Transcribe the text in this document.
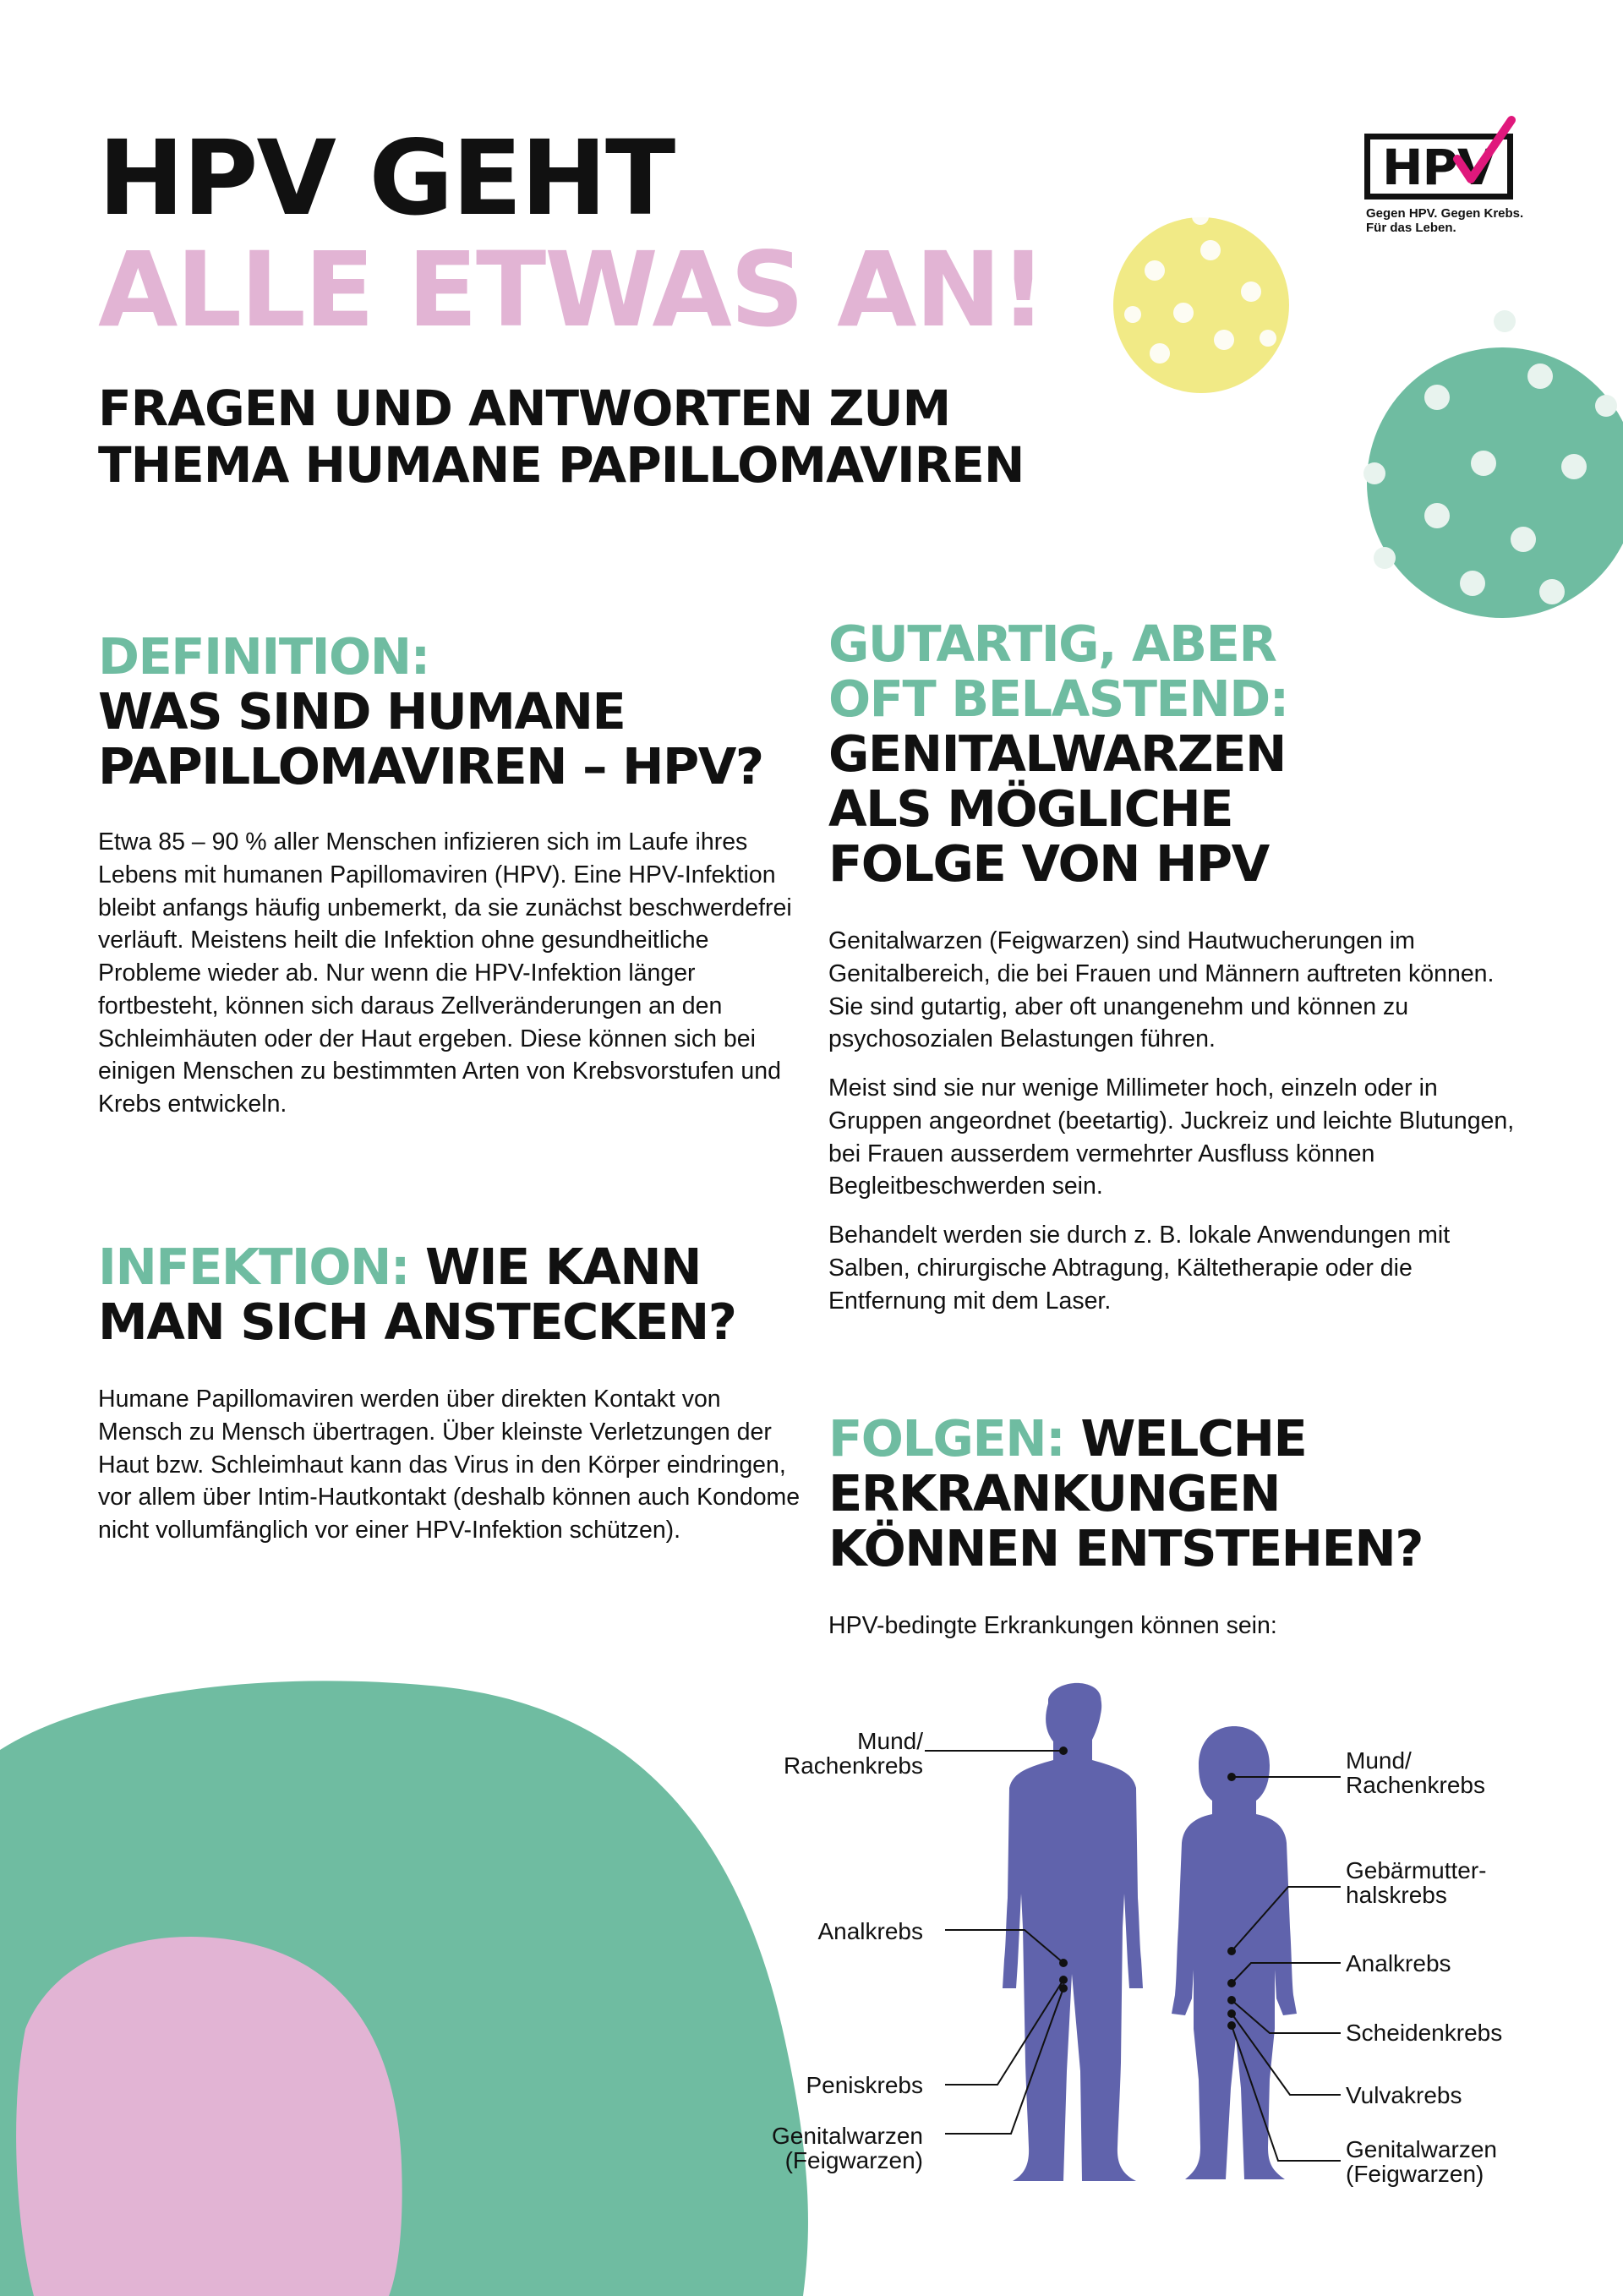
HPV
Gegen HPV. Gegen Krebs.
Für das Leben.
HPV GEHT
ALLE ETWAS AN!
FRAGEN UND ANTWORTEN ZUM
THEMA HUMANE PAPILLOMAVIREN
DEFINITION:
WAS SIND HUMANE
PAPILLOMAVIREN – HPV?

Etwa 85 – 90 % aller Menschen infizieren sich im Laufe ihres Lebens mit humanen Papillomaviren (HPV). Eine HPV-Infektion bleibt anfangs häufig unbemerkt, da sie zunächst beschwerdefrei verläuft. Meistens heilt die Infektion ohne gesundheitliche Probleme wieder ab. Nur wenn die HPV-Infektion länger fortbesteht, können sich daraus Zellveränderungen an den Schleimhäuten oder der Haut ergeben. Diese können sich bei einigen Menschen zu bestimmten Arten von Krebsvorstufen und Krebs entwickeln.

INFEKTION: WIE KANN
MAN SICH ANSTECKEN?

Humane Papillomaviren werden über direkten Kontakt von Mensch zu Mensch übertragen. Über kleinste Verletzungen der Haut bzw. Schleimhaut kann das Virus in den Körper eindringen, vor allem über Intim-Hautkontakt (deshalb können auch Kondome nicht vollumfänglich vor einer HPV-Infektion schützen).

GUTARTIG, ABER
OFT BELASTEND:
GENITALWARZEN
ALS MÖGLICHE
FOLGE VON HPV

Genitalwarzen (Feigwarzen) sind Hautwucherungen im Genitalbereich, die bei Frauen und Männern auftreten können. Sie sind gutartig, aber oft unangenehm und können zu psychosozialen Belastungen führen.

Meist sind sie nur wenige Millimeter hoch, einzeln oder in Gruppen angeordnet (beetartig). Juckreiz und leichte Blutungen, bei Frauen ausserdem vermehrter Ausfluss können Begleitbeschwerden sein.

Behandelt werden sie durch z. B. lokale Anwendungen mit Salben, chirurgische Abtragung, Kältetherapie oder die Entfernung mit dem Laser.

FOLGEN: WELCHE
ERKRANKUNGEN
KÖNNEN ENTSTEHEN?
HPV-bedingte Erkrankungen können sein:
Mund/
Rachenkrebs
Analkrebs
Peniskrebs
Genitalwarzen
(Feigwarzen)
Mund/
Rachenkrebs
Gebärmutter-
halskrebs
Analkrebs
Scheidenkrebs
Vulvakrebs
Genitalwarzen
(Feigwarzen)
